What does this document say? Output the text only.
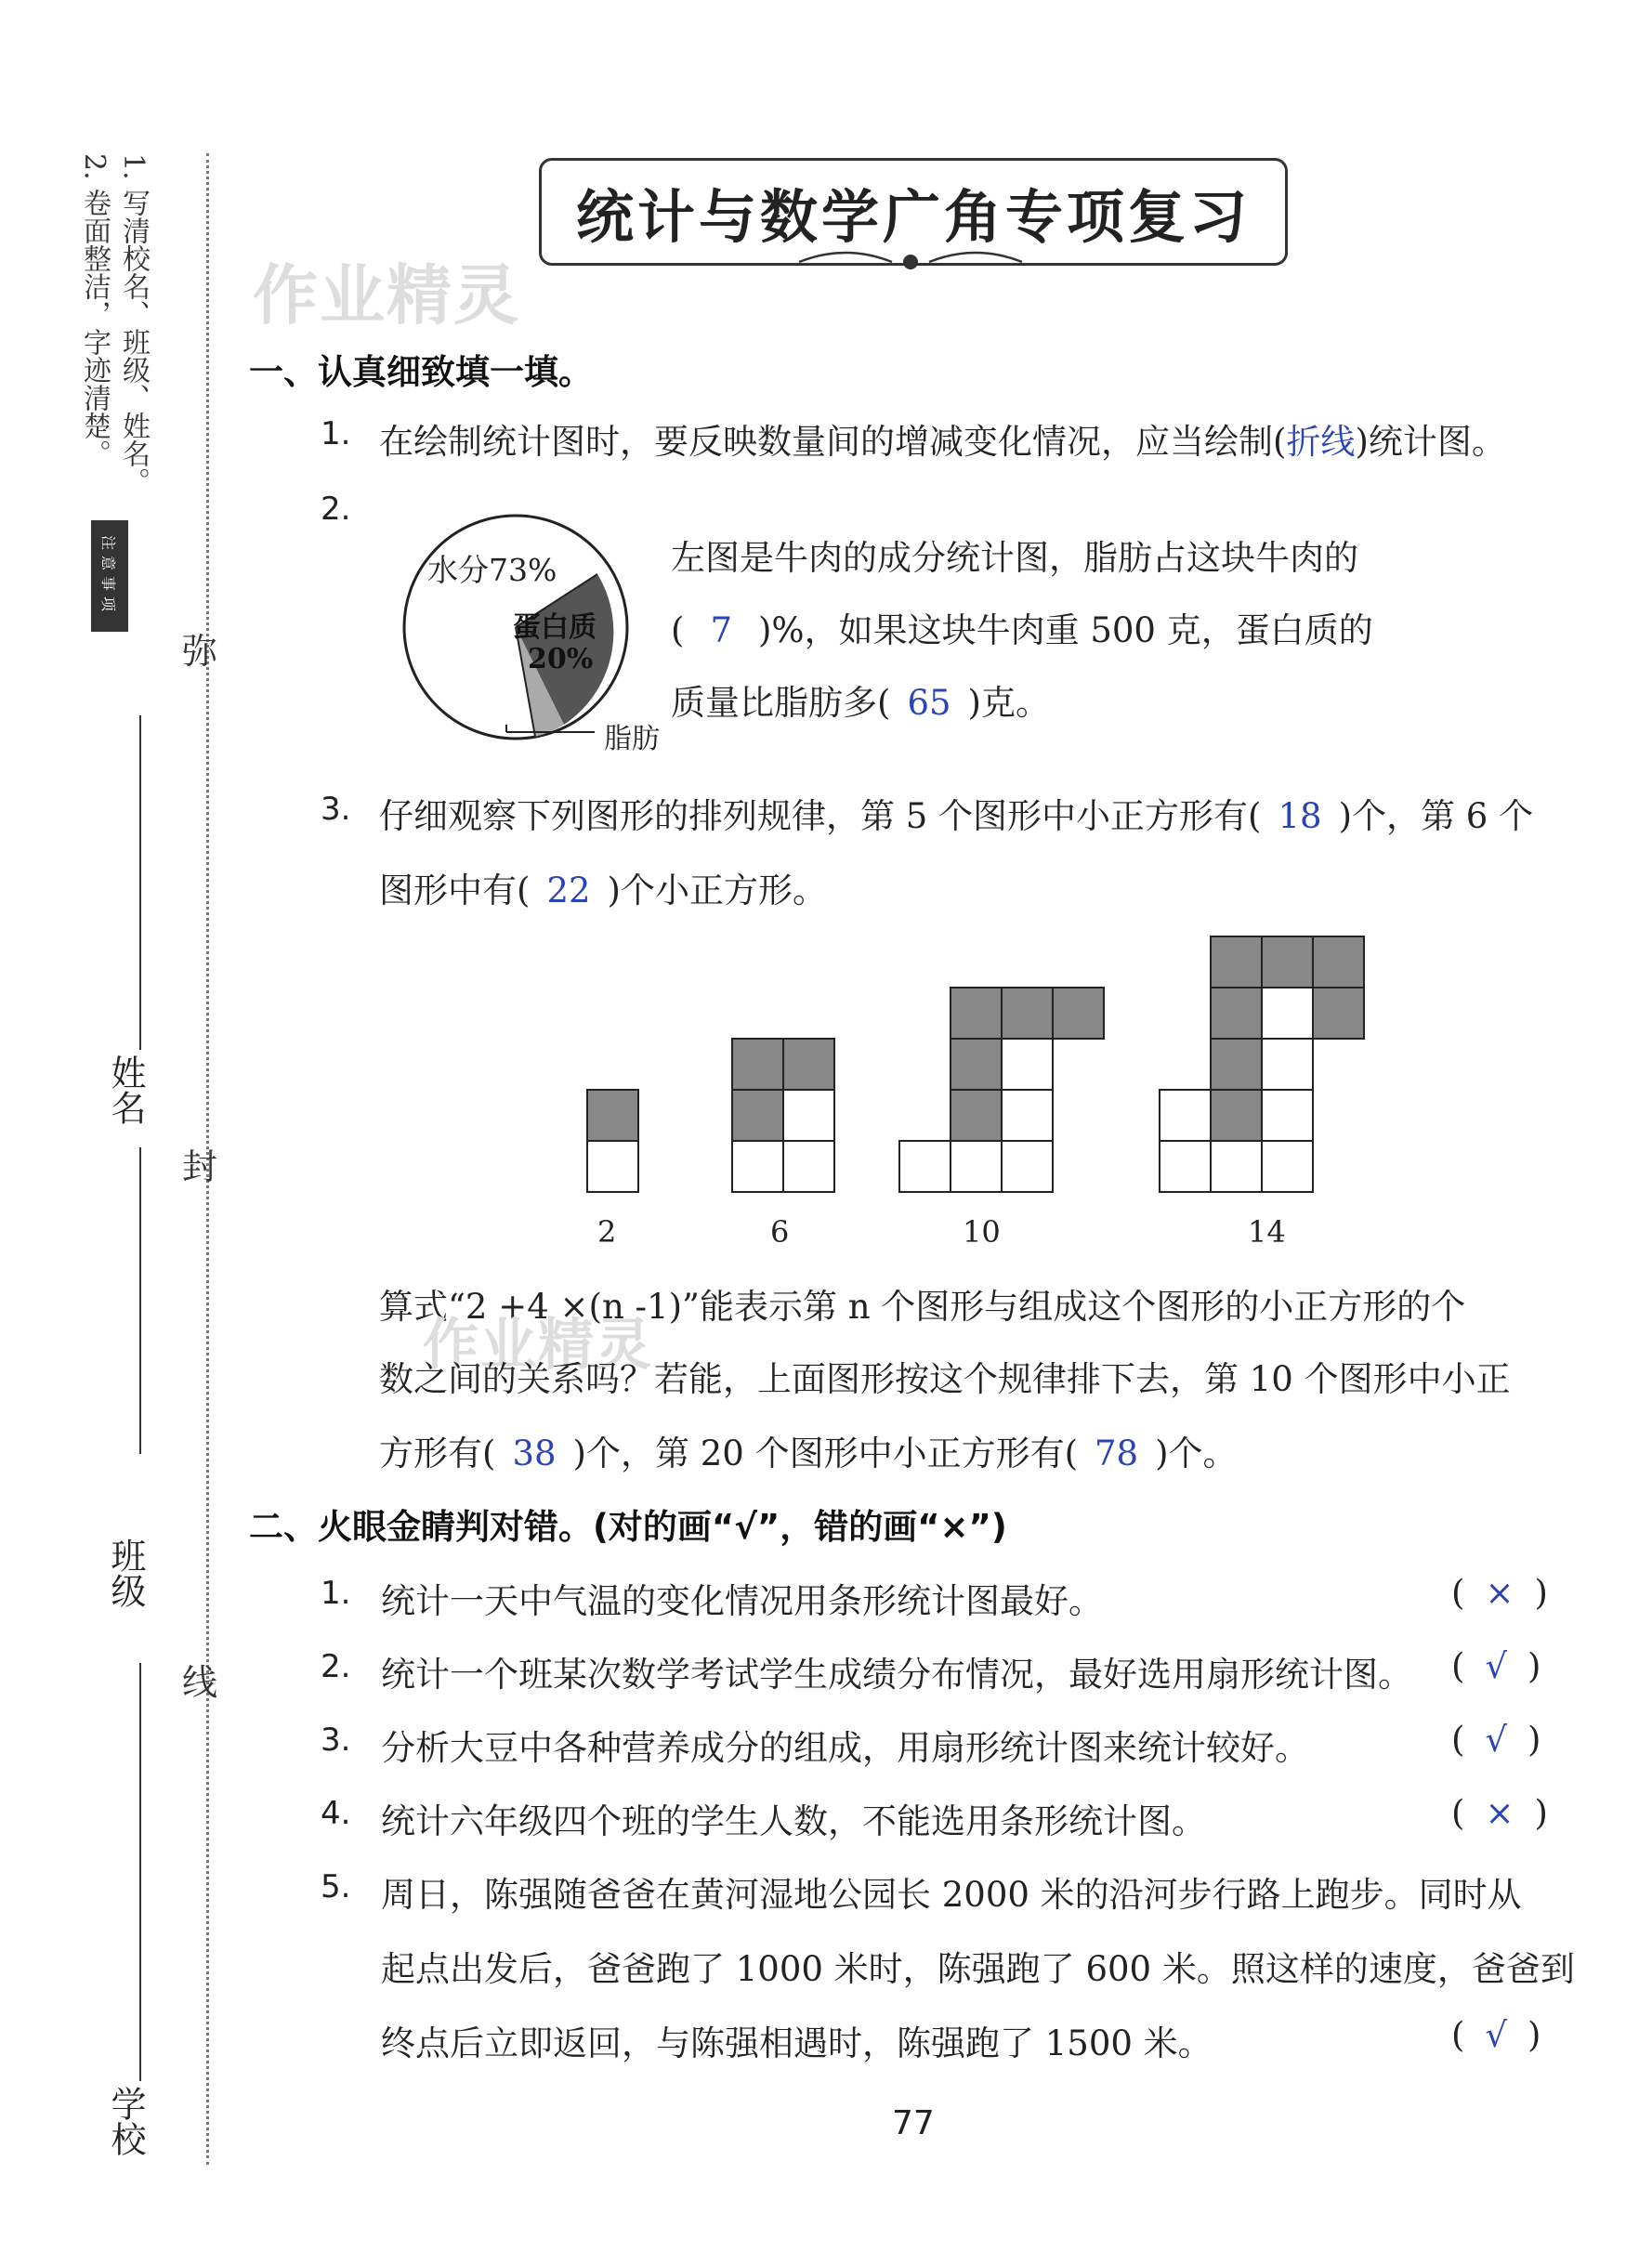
注意事项
1. 写清校名、班级、姓名。
2. 卷面整洁，字迹清楚。
弥
封
线
姓名
班级
学校
统计与数学广角专项复习
作业精灵
一、认真细致填一填。
1. 在绘制统计图时，要反映数量间的增减变化情况，应当绘制(折线)统计图。
2.
水分73%
蛋白质
20%
脂肪
左图是牛肉的成分统计图，脂肪占这块牛肉的
( 7 )%，如果这块牛肉重 500 克，蛋白质的
质量比脂肪多( 65 )克。
3. 仔细观察下列图形的排列规律，第 5 个图形中小正方形有( 18 )个，第 6 个
图形中有( 22 )个小正方形。
2	6	10	14
算式“2 +4 ×(n -1)”能表示第 n 个图形与组成这个图形的小正方形的个
作业精灵
数之间的关系吗？若能，上面图形按这个规律排下去，第 10 个图形中小正
方形有( 38 )个，第 20 个图形中小正方形有( 78 )个。
二、火眼金睛判对错。(对的画“√”，错的画“×”)
1. 统计一天中气温的变化情况用条形统计图最好。	( × )
2. 统计一个班某次数学考试学生成绩分布情况，最好选用扇形统计图。 ( √ )
3. 分析大豆中各种营养成分的组成，用扇形统计图来统计较好。	( √ )
4. 统计六年级四个班的学生人数，不能选用条形统计图。	( × )
5. 周日，陈强随爸爸在黄河湿地公园长 2000 米的沿河步行路上跑步。同时从
起点出发后，爸爸跑了 1000 米时，陈强跑了 600 米。照这样的速度，爸爸到
终点后立即返回，与陈强相遇时，陈强跑了 1500 米。	( √ )
77
